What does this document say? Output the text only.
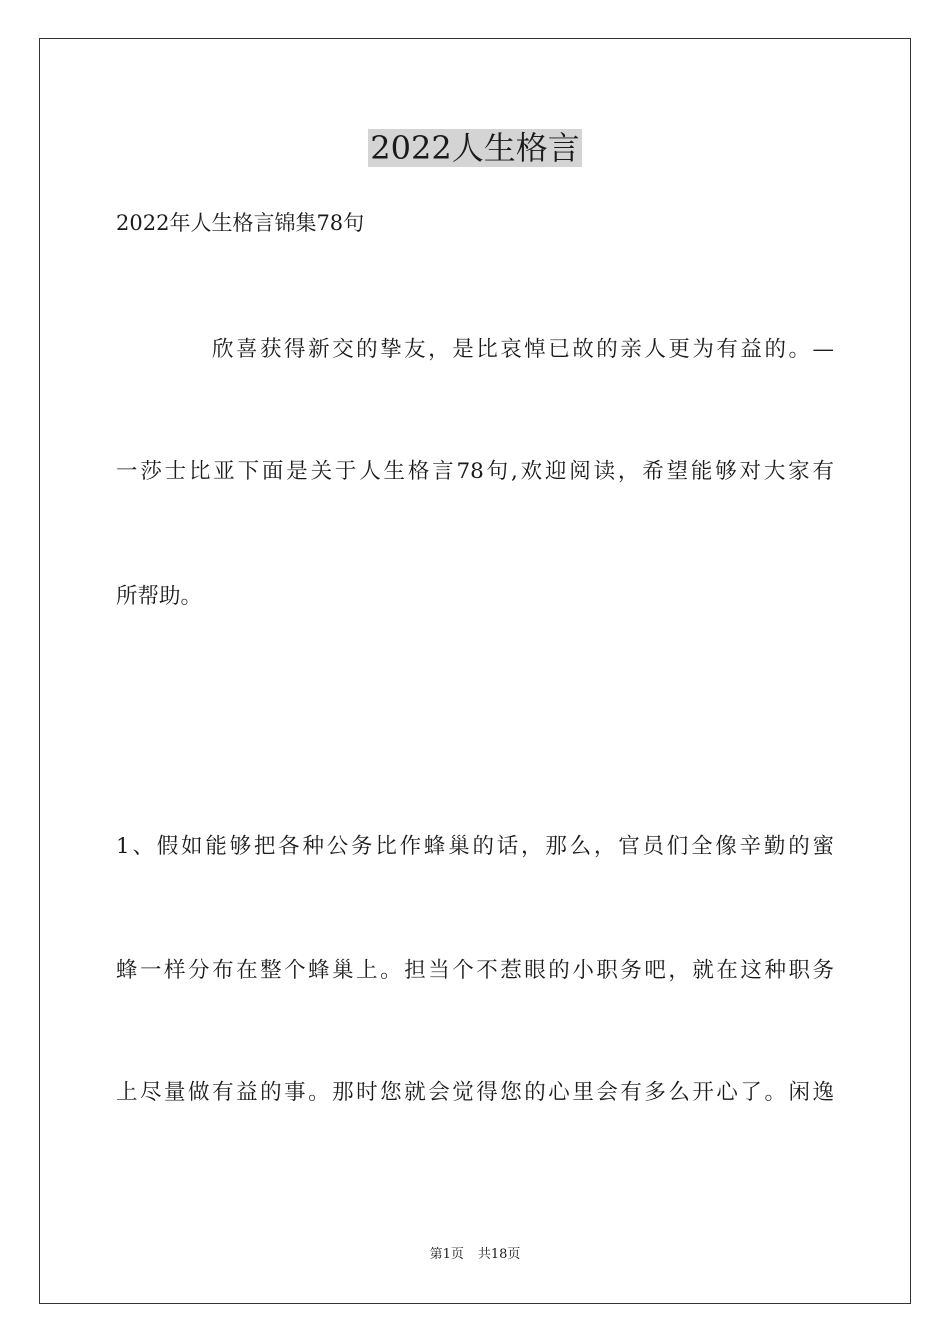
2022人生格言
2022年人生格言锦集78句
欣喜获得新交的挚友，是比哀悼已故的亲人更为有益的。—
一莎士比亚下面是关于人生格言78句,欢迎阅读，希望能够对大家有
所帮助。
1、假如能够把各种公务比作蜂巢的话，那么，官员们全像辛勤的蜜
蜂一样分布在整个蜂巢上。担当个不惹眼的小职务吧，就在这种职务
上尽量做有益的事。那时您就会觉得您的心里会有多么开心了。闲逸
第1页 共18页
